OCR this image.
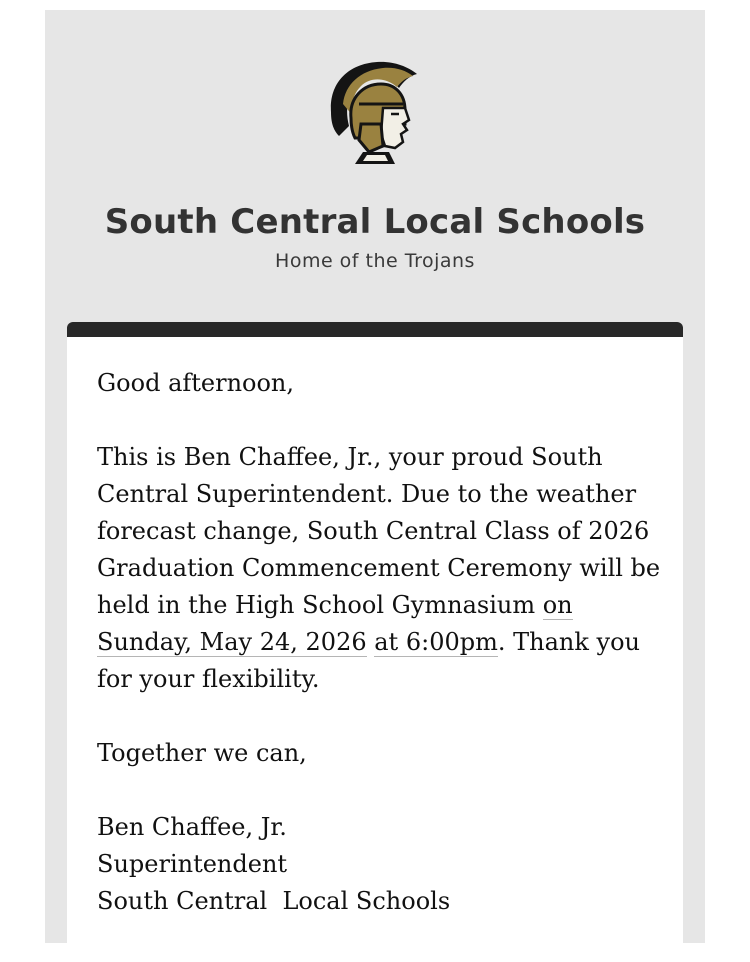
South Central Local Schools
Home of the Trojans

Good afternoon,

This is Ben Chaffee, Jr., your proud South Central Superintendent. Due to the weather forecast change, South Central Class of 2026 Graduation Commencement Ceremony will be held in the High School Gymnasium on Sunday, May 24, 2026 at 6:00pm. Thank you for your flexibility.

Together we can,

Ben Chaffee, Jr.

Superintendent

South Central  Local Schools
